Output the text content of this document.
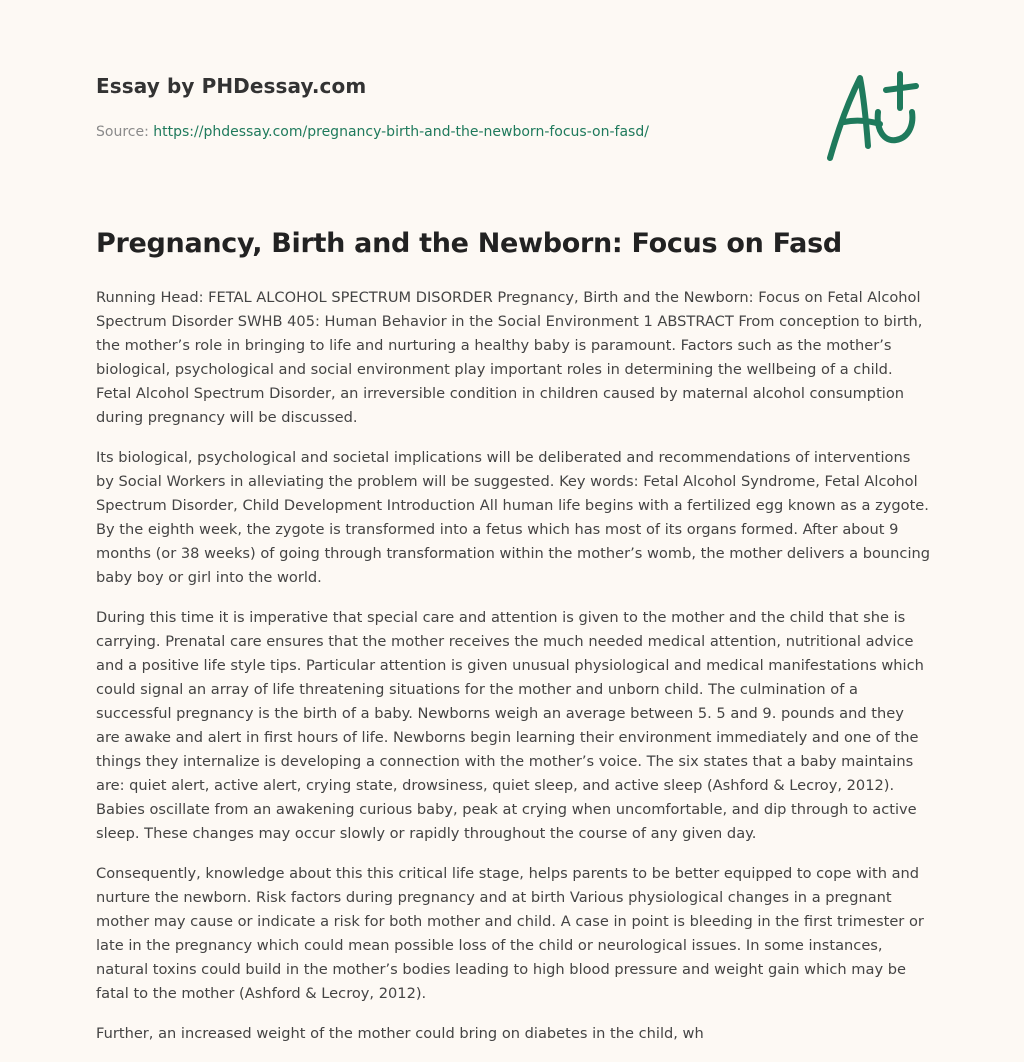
Essay by PHDessay.com
Source: https://phdessay.com/pregnancy-birth-and-the-newborn-focus-on-fasd/
Pregnancy, Birth and the Newborn: Focus on Fasd

Running Head: FETAL ALCOHOL SPECTRUM DISORDER Pregnancy, Birth and the Newborn: Focus on Fetal Alcohol Spectrum Disorder SWHB 405: Human Behavior in the Social Environment 1 ABSTRACT From conception to birth, the mother’s role in bringing to life and nurturing a healthy baby is paramount. Factors such as the mother’s biological, psychological and social environment play important roles in determining the wellbeing of a child. Fetal Alcohol Spectrum Disorder, an irreversible condition in children caused by maternal alcohol consumption during pregnancy will be discussed.

Its biological, psychological and societal implications will be deliberated and recommendations of interventions by Social Workers in alleviating the problem will be suggested. Key words: Fetal Alcohol Syndrome, Fetal Alcohol Spectrum Disorder, Child Development Introduction All human life begins with a fertilized egg known as a zygote. By the eighth week, the zygote is transformed into a fetus which has most of its organs formed. After about 9 months (or 38 weeks) of going through transformation within the mother’s womb, the mother delivers a bouncing baby boy or girl into the world.

During this time it is imperative that special care and attention is given to the mother and the child that she is carrying. Prenatal care ensures that the mother receives the much needed medical attention, nutritional advice and a positive life style tips. Particular attention is given unusual physiological and medical manifestations which could signal an array of life threatening situations for the mother and unborn child. The culmination of a successful pregnancy is the birth of a baby. Newborns weigh an average between 5. 5 and 9. pounds and they are awake and alert in first hours of life. Newborns begin learning their environment immediately and one of the things they internalize is developing a connection with the mother’s voice. The six states that a baby maintains are: quiet alert, active alert, crying state, drowsiness, quiet sleep, and active sleep (Ashford & Lecroy, 2012). Babies oscillate from an awakening curious baby, peak at crying when uncomfortable, and dip through to active sleep. These changes may occur slowly or rapidly throughout the course of any given day.

Consequently, knowledge about this this critical life stage, helps parents to be better equipped to cope with and nurture the newborn. Risk factors during pregnancy and at birth Various physiological changes in a pregnant mother may cause or indicate a risk for both mother and child. A case in point is bleeding in the first trimester or late in the pregnancy which could mean possible loss of the child or neurological issues. In some instances, natural toxins could build in the mother’s bodies leading to high blood pressure and weight gain which may be fatal to the mother (Ashford & Lecroy, 2012).

Further, an increased weight of the mother could bring on diabetes in the child, wh
